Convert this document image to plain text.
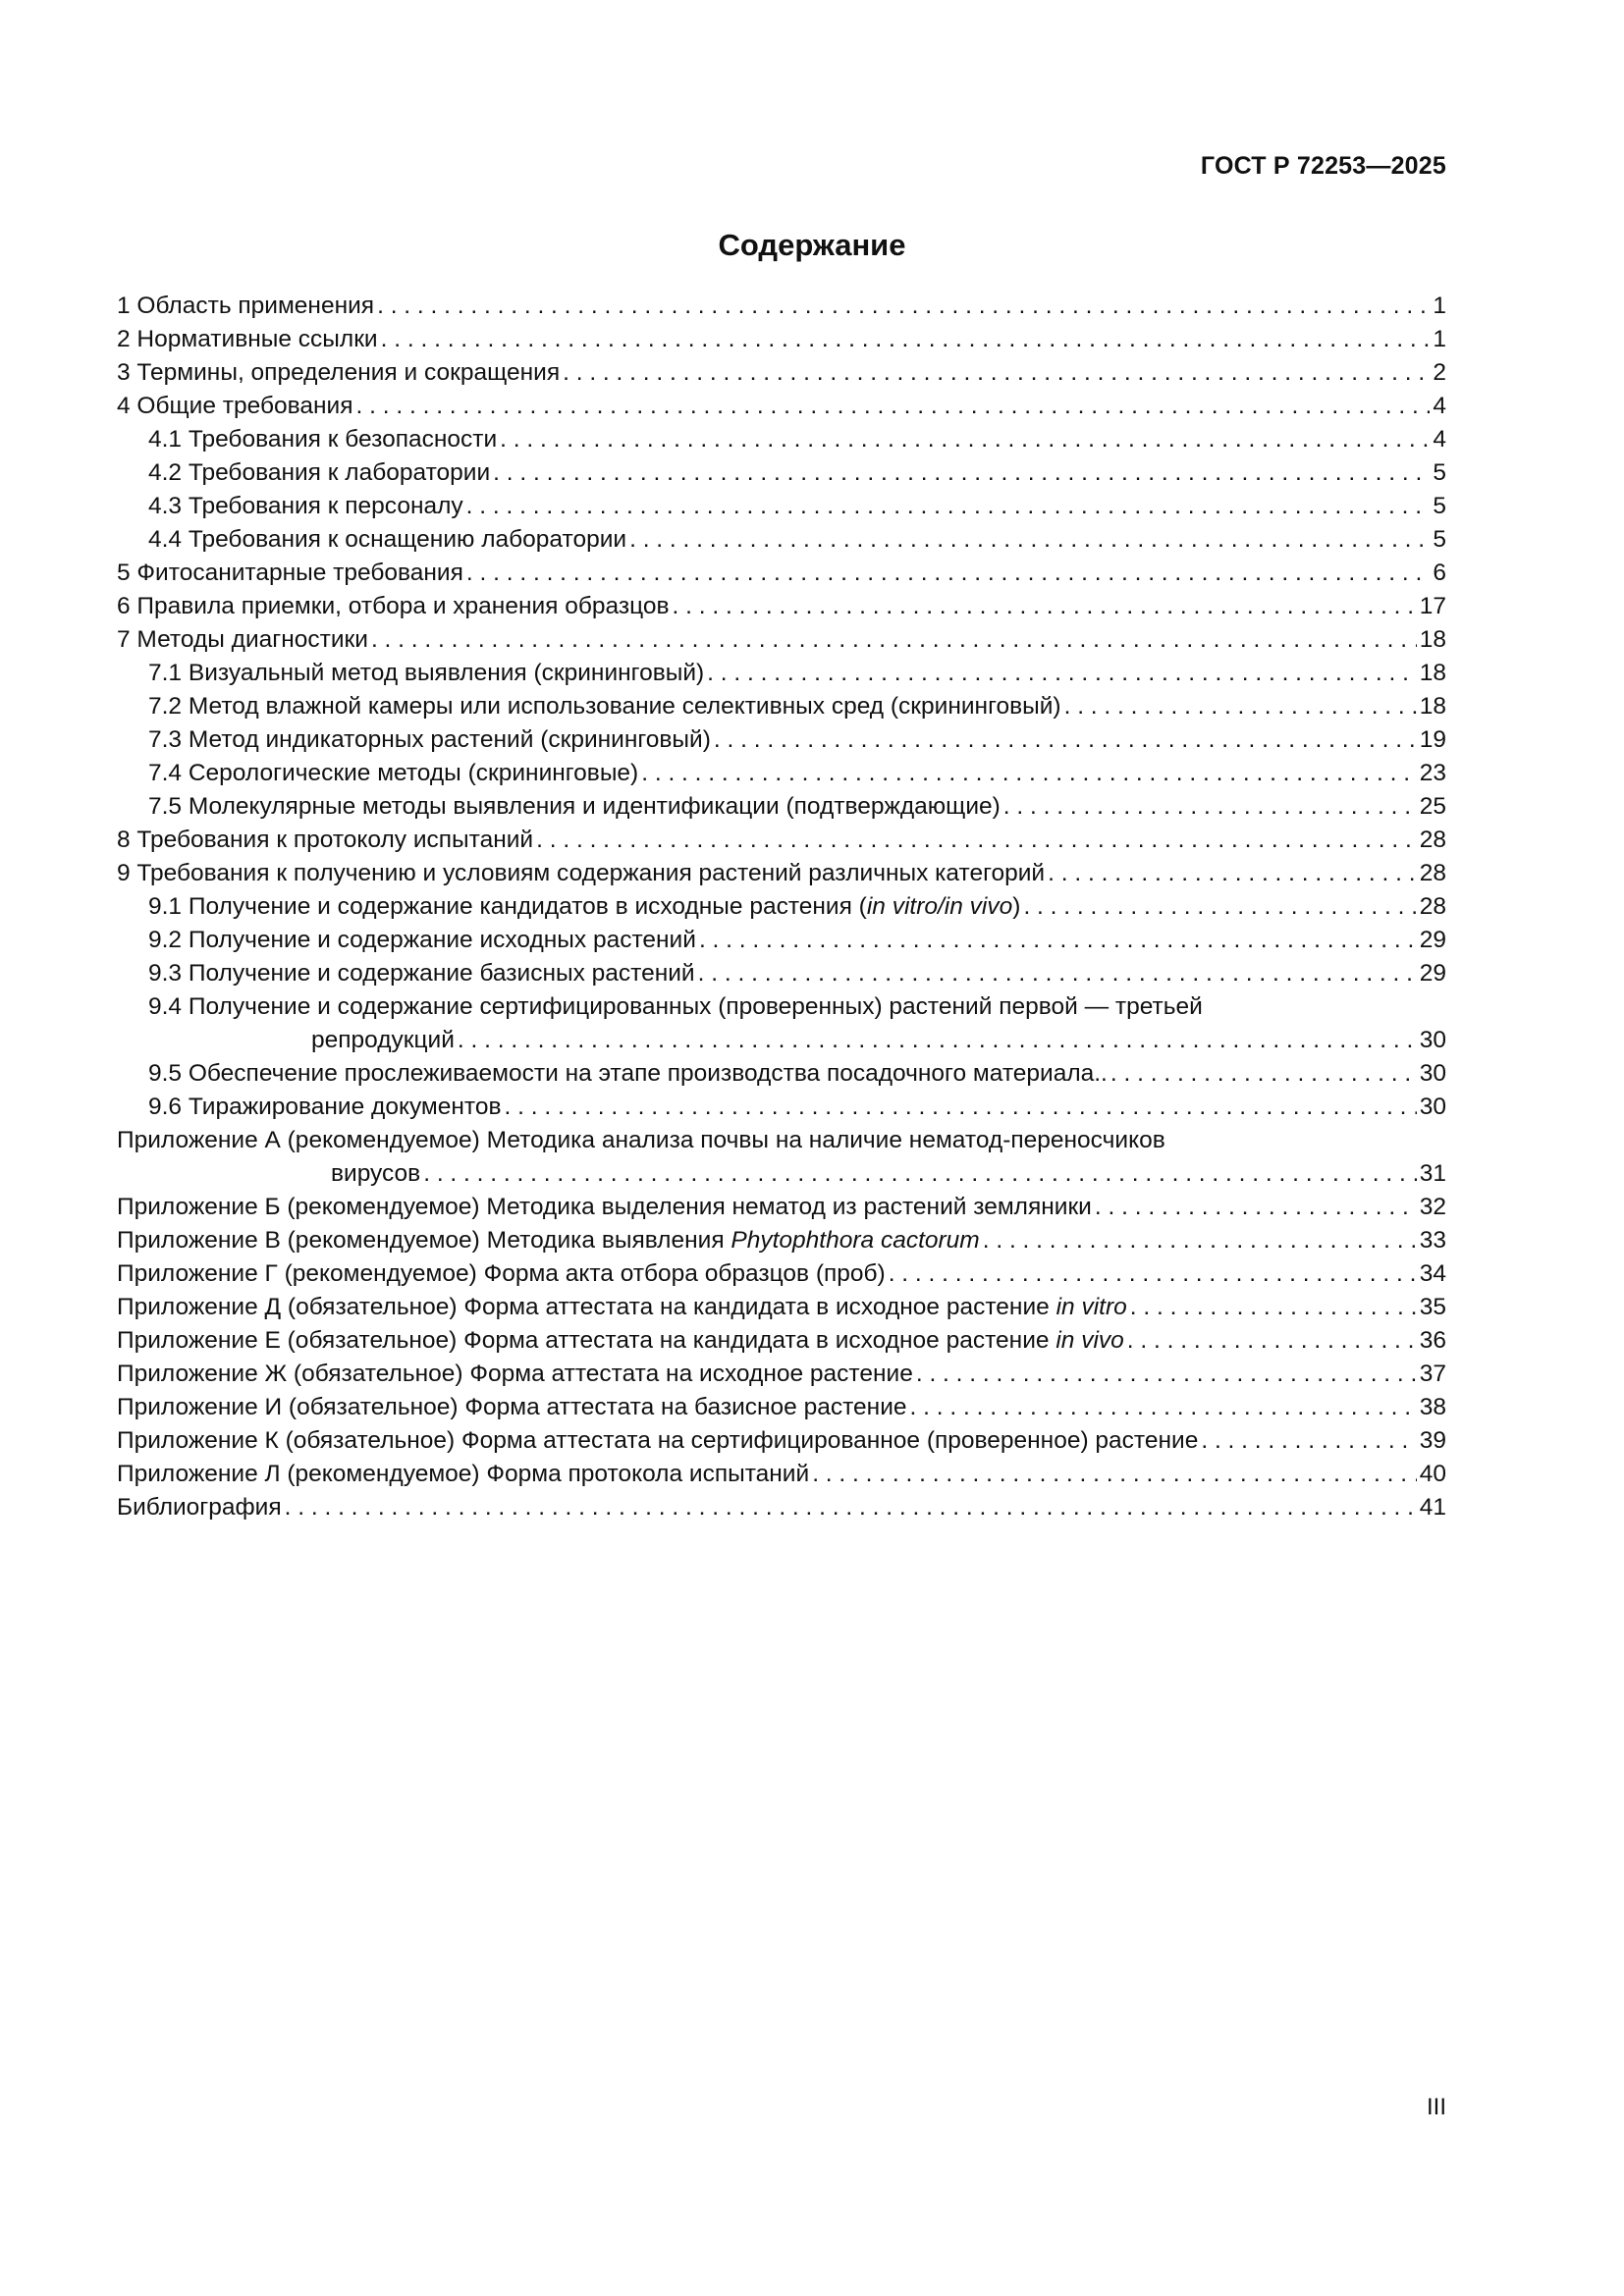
ГОСТ Р 72253—2025
Содержание
1 Область применения . . .	1
2 Нормативные ссылки . . .	1
3 Термины, определения и сокращения . . .	2
4 Общие требования . . .	4
4.1 Требования к безопасности . . .	4
4.2 Требования к лаборатории . . .	5
4.3 Требования к персоналу . . .	5
4.4 Требования к оснащению лаборатории . . .	5
5 Фитосанитарные требования . . .	6
6 Правила приемки, отбора и хранения образцов . . .	17
7 Методы диагностики . . .	18
7.1 Визуальный метод выявления (скрининговый) . . .	18
7.2 Метод влажной камеры или использование селективных сред (скрининговый) . . .	18
7.3 Метод индикаторных растений (скрининговый) . . .	19
7.4 Серологические методы (скрининговые) . . .	23
7.5 Молекулярные методы выявления и идентификации (подтверждающие) . . .	25
8 Требования к протоколу испытаний . . .	28
9 Требования к получению и условиям содержания растений различных категорий . . .	28
9.1 Получение и содержание кандидатов в исходные растения (in vitro/in vivo) . . .	28
9.2 Получение и содержание исходных растений . . .	29
9.3 Получение и содержание базисных растений . . .	29
9.4 Получение и содержание сертифицированных (проверенных) растений первой — третьей
репродукций . . .	30
9.5 Обеспечение прослеживаемости на этапе производства посадочного материала.. . . .	30
9.6 Тиражирование документов . . .	30
Приложение А (рекомендуемое) Методика анализа почвы на наличие нематод-переносчиков
вирусов . . .	31
Приложение Б (рекомендуемое) Методика выделения нематод из растений земляники . . .	32
Приложение В (рекомендуемое) Методика выявления Phytophthora cactorum . . .	33
Приложение Г (рекомендуемое) Форма акта отбора образцов (проб) . . .	34
Приложение Д (обязательное) Форма аттестата на кандидата в исходное растение in vitro . . .	35
Приложение Е (обязательное) Форма аттестата на кандидата в исходное растение in vivo . . .	36
Приложение Ж (обязательное) Форма аттестата на исходное растение . . .	37
Приложение И (обязательное) Форма аттестата на базисное растение . . .	38
Приложение К (обязательное) Форма аттестата на сертифицированное (проверенное) растение . . .	39
Приложение Л (рекомендуемое) Форма протокола испытаний . . .	40
Библиография . . .	41
III
